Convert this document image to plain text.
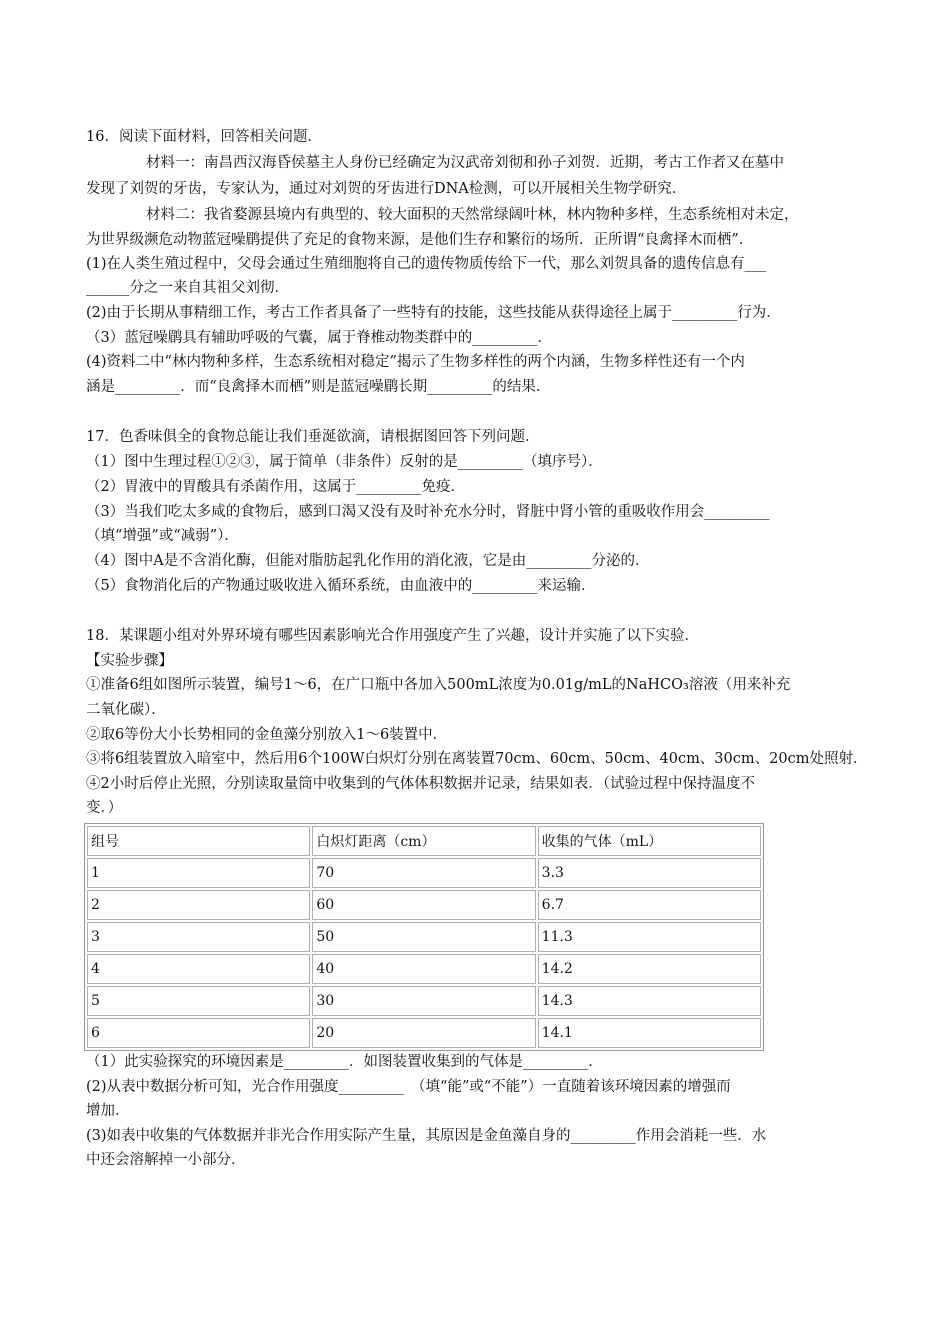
16．阅读下面材料，回答相关问题．
材料一：南昌西汉海昏侯墓主人身份已经确定为汉武帝刘彻和孙子刘贺．近期，考古工作者又在墓中
发现了刘贺的牙齿，专家认为，通过对刘贺的牙齿进行DNA检测，可以开展相关生物学研究．
材料二：我省婺源县境内有典型的、较大面积的天然常绿阔叶林，林内物种多样，生态系统相对未定，
为世界级濒危动物蓝冠噪鹛提供了充足的食物来源，是他们生存和繁衍的场所．正所谓“良禽择木而栖”．
(1)在人类生殖过程中，父母会通过生殖细胞将自己的遗传物质传给下一代，那么刘贺具备的遗传信息有___
______分之一来自其祖父刘彻．
(2)由于长期从事精细工作，考古工作者具备了一些特有的技能，这些技能从获得途径上属于_________行为．
（3）蓝冠噪鹛具有辅助呼吸的气囊，属于脊椎动物类群中的_________．
(4)资料二中“林内物种多样，生态系统相对稳定”揭示了生物多样性的两个内涵，生物多样性还有一个内
涵是_________．而“良禽择木而栖”则是蓝冠噪鹛长期_________的结果．
17．色香味俱全的食物总能让我们垂涎欲滴，请根据图回答下列问题．
（1）图中生理过程①②③，属于简单（非条件）反射的是_________（填序号）．
（2）胃液中的胃酸具有杀菌作用，这属于_________免疫．
（3）当我们吃太多咸的食物后，感到口渴又没有及时补充水分时，肾脏中肾小管的重吸收作用会_________
（填“增强”或“减弱”）．
（4）图中A是不含消化酶，但能对脂肪起乳化作用的消化液，它是由_________分泌的．
（5）食物消化后的产物通过吸收进入循环系统，由血液中的_________来运输．
18．某课题小组对外界环境有哪些因素影响光合作用强度产生了兴趣，设计并实施了以下实验．
【实验步骤】
①准备6组如图所示装置，编号1～6，在广口瓶中各加入500mL浓度为0.01g/mL的NaHCO₃溶液（用来补充
二氧化碳）．
②取6等份大小长势相同的金鱼藻分别放入1～6装置中．
③将6组装置放入暗室中，然后用6个100W白炽灯分别在离装置70cm、60cm、50cm、40cm、30cm、20cm处照射．
④2小时后停止光照，分别读取量筒中收集到的气体体积数据并记录，结果如表．（试验过程中保持温度不
变．）
组号	白炽灯距离（cm）	收集的气体（mL）
1	70	3.3
2	60	6.7
3	50	11.3
4	40	14.2
5	30	14.3
6	20	14.1
（1）此实验探究的环境因素是_________．如图装置收集到的气体是_________．
(2)从表中数据分析可知，光合作用强度_________　（填“能”或“不能”）一直随着该环境因素的增强而
增加．
(3)如表中收集的气体数据并非光合作用实际产生量，其原因是金鱼藻自身的_________作用会消耗一些．水
中还会溶解掉一小部分．
